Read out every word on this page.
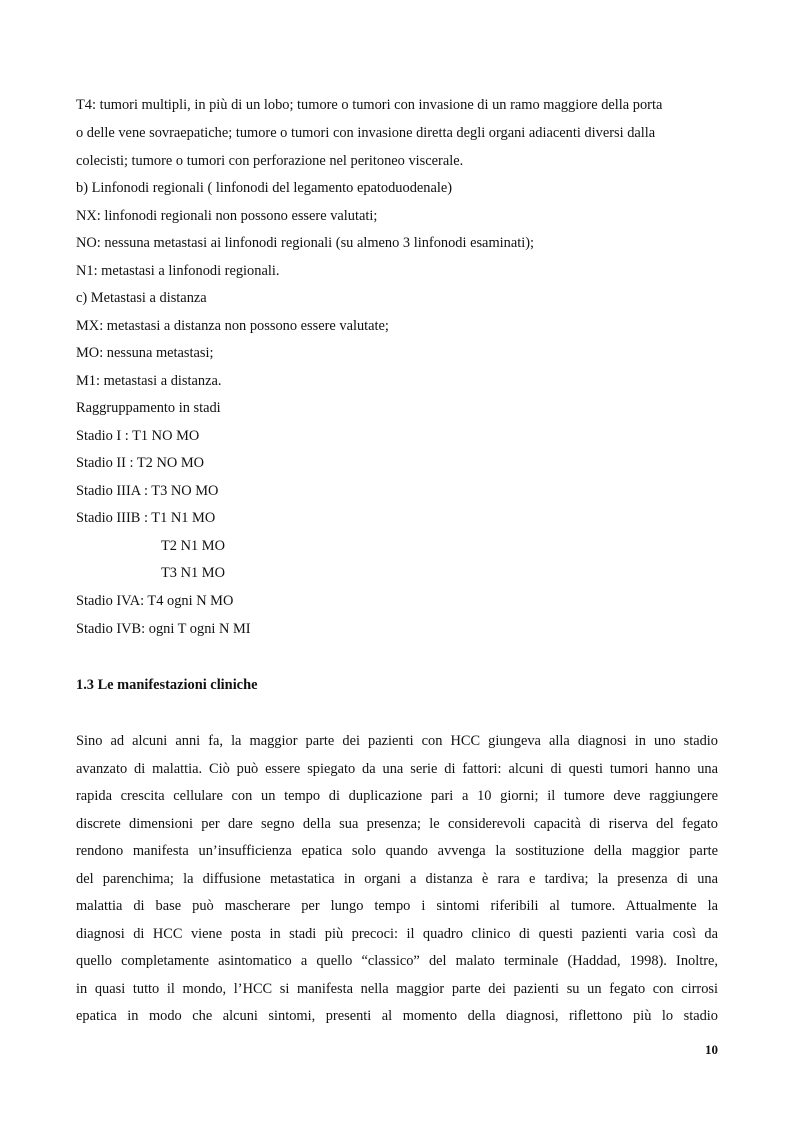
T4: tumori multipli, in più di un lobo; tumore o tumori con invasione di un ramo maggiore della porta
o delle vene sovraepatiche; tumore o tumori con invasione diretta degli organi adiacenti diversi dalla
colecisti; tumore o tumori con perforazione nel peritoneo viscerale.
b) Linfonodi regionali ( linfonodi del legamento epatoduodenale)
NX: linfonodi regionali non possono essere valutati;
NO: nessuna metastasi ai linfonodi regionali (su almeno 3 linfonodi esaminati);
N1: metastasi a linfonodi regionali.
c) Metastasi a distanza
MX: metastasi a distanza non possono essere valutate;
MO: nessuna metastasi;
M1: metastasi a distanza.
Raggruppamento in stadi
Stadio I : T1 NO MO
Stadio II : T2 NO MO
Stadio IIIA : T3 NO MO
Stadio IIIB : T1 N1 MO
T2 N1 MO
T3 N1 MO
Stadio IVA: T4 ogni N MO
Stadio IVB: ogni T ogni N MI
1.3 Le manifestazioni cliniche
Sino ad alcuni anni fa, la maggior parte dei pazienti con HCC giungeva alla diagnosi in uno stadio
avanzato di malattia. Ciò può essere spiegato da una serie di fattori: alcuni di questi tumori hanno una
rapida crescita cellulare con un tempo di duplicazione pari a 10 giorni; il tumore deve raggiungere
discrete dimensioni per dare segno della sua presenza; le considerevoli capacità di riserva del fegato
rendono manifesta un’insufficienza epatica solo quando avvenga la sostituzione della maggior parte
del parenchima; la diffusione metastatica in organi a distanza è rara e tardiva; la presenza di una
malattia di base può mascherare per lungo tempo i sintomi riferibili al tumore. Attualmente la
diagnosi di HCC viene posta in stadi più precoci: il quadro clinico di questi pazienti varia così da
quello completamente asintomatico a quello “classico” del malato terminale (Haddad, 1998). Inoltre,
in quasi tutto il mondo, l’HCC si manifesta nella maggior parte dei pazienti su un fegato con cirrosi
epatica in modo che alcuni sintomi, presenti al momento della diagnosi, riflettono più lo stadio
10
